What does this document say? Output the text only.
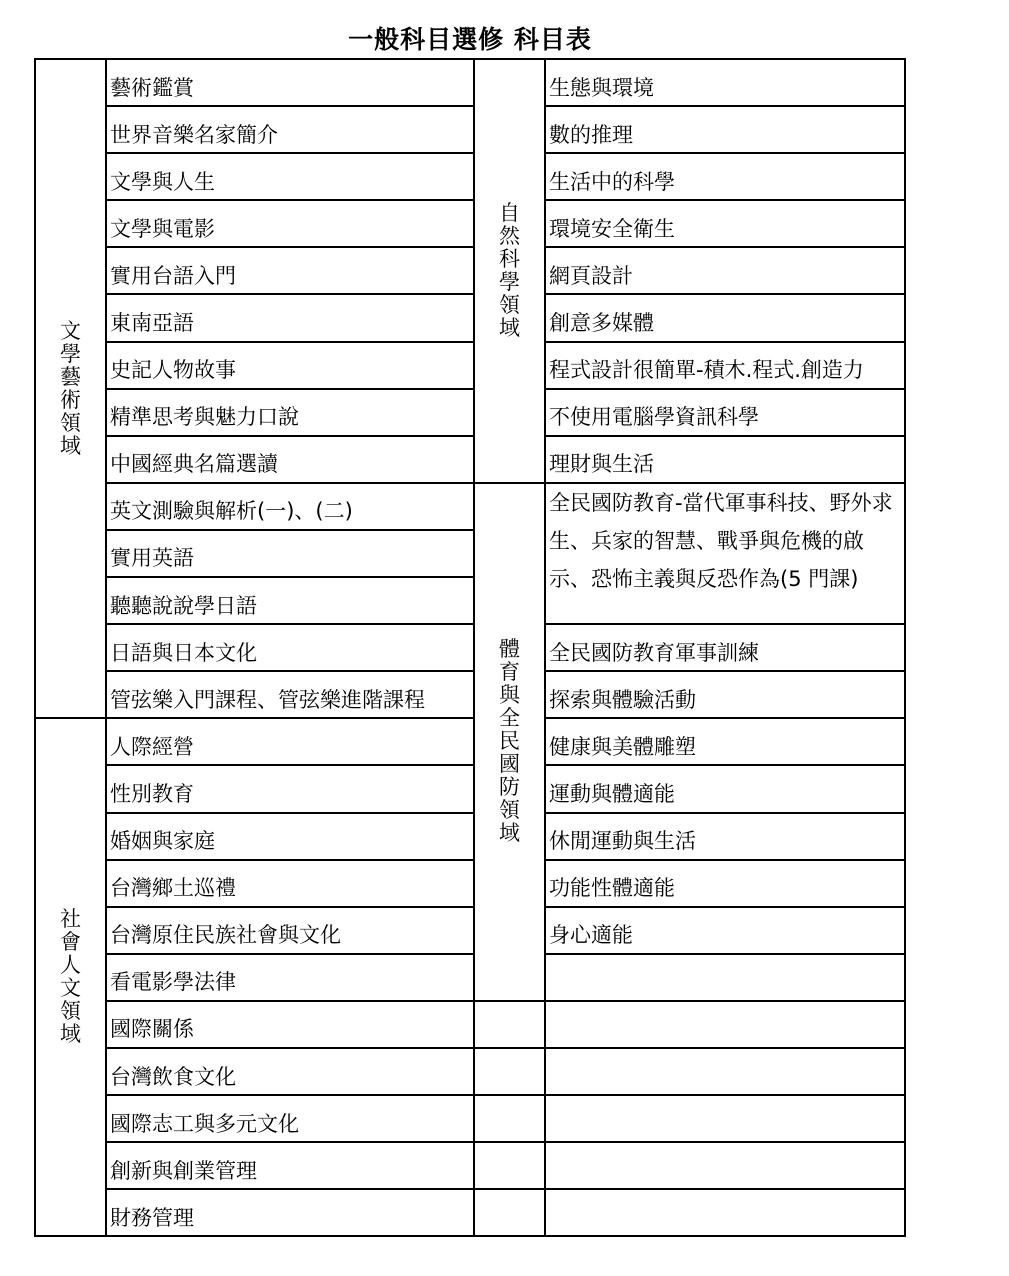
一般科目選修 科目表
文學藝術領域	藝術鑑賞	自然科學領域	生態與環境
	世界音樂名家簡介		數的推理
	文學與人生		生活中的科學
	文學與電影		環境安全衛生
	實用台語入門		網頁設計
	東南亞語		創意多媒體
	史記人物故事		程式設計很簡單-積木.程式.創造力
	精準思考與魅力口說		不使用電腦學資訊科學
	中國經典名篇選讀		理財與生活
	英文測驗與解析(一)、(二)	體育與全民國防領域	全民國防教育-當代軍事科技、野外求生、兵家的智慧、戰爭與危機的啟示、恐怖主義與反恐作為(5 門課)
	實用英語		
	聽聽說說學日語		
	日語與日本文化		全民國防教育軍事訓練
	管弦樂入門課程、管弦樂進階課程		探索與體驗活動
社會人文領域	人際經營		健康與美體雕塑
	性別教育		運動與體適能
	婚姻與家庭		休閒運動與生活
	台灣鄉土巡禮		功能性體適能
	台灣原住民族社會與文化		身心適能
	看電影學法律		
	國際關係		
	台灣飲食文化		
	國際志工與多元文化		
	創新與創業管理		
	財務管理		
